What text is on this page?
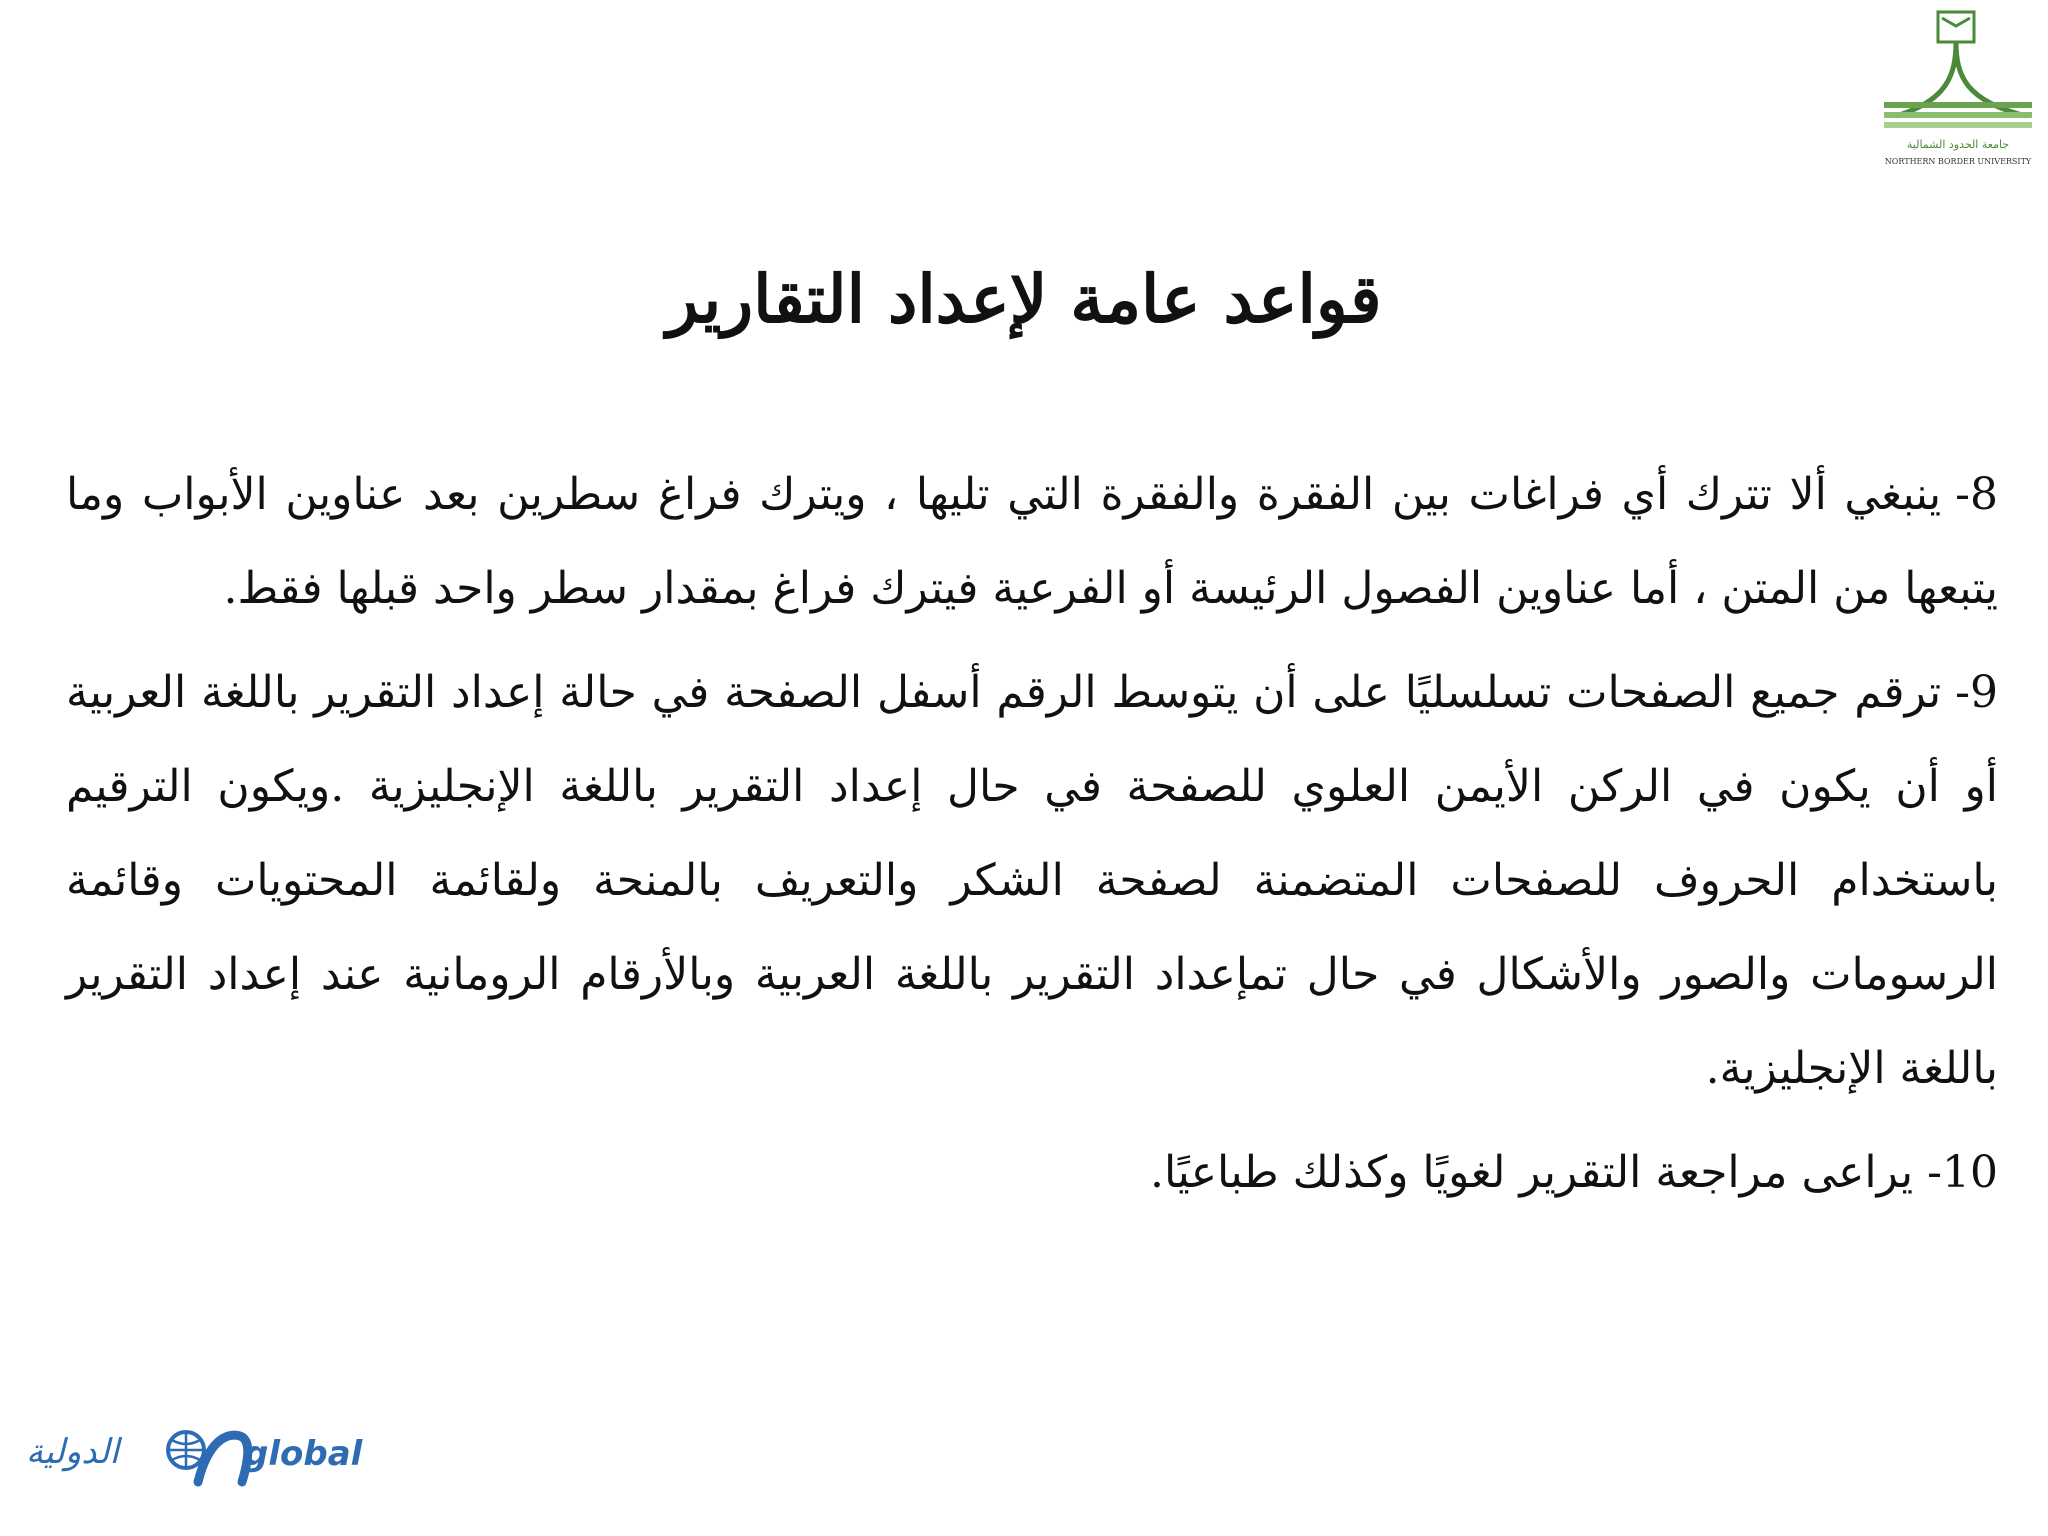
جامعة الحدود الشمالية
NORTHERN BORDER UNIVERSITY
قواعد عامة لإعداد التقارير

-8ينبغي ألا تترك أي فراغات بين الفقرة والفقرة التي تليها ، ويترك فراغ سطرين بعد عناوين الأبواب وما يتبعها من المتن ، أما عناوين الفصول الرئيسة أو الفرعية فيترك فراغ بمقدار سطر واحد قبلها فقط.

-9ترقم جميع الصفحات تسلسليًا على أن يتوسط الرقم أسفل الصفحة في حالة إعداد التقرير باللغة العربية أو أن يكون في الركن الأيمن العلوي للصفحة في حال إعداد التقرير باللغة الإنجليزية .ويكون الترقيم باستخدام الحروف للصفحات المتضمنة لصفحة الشكر والتعريف بالمنحة ولقائمة المحتويات وقائمة الرسومات والصور والأشكال في حال تمإعداد التقرير باللغة العربية وبالأرقام الرومانية عند إعداد التقرير باللغة الإنجليزية.

-10يراعى مراجعة التقرير لغويًا وكذلك طباعيًا.

الدولية	global
